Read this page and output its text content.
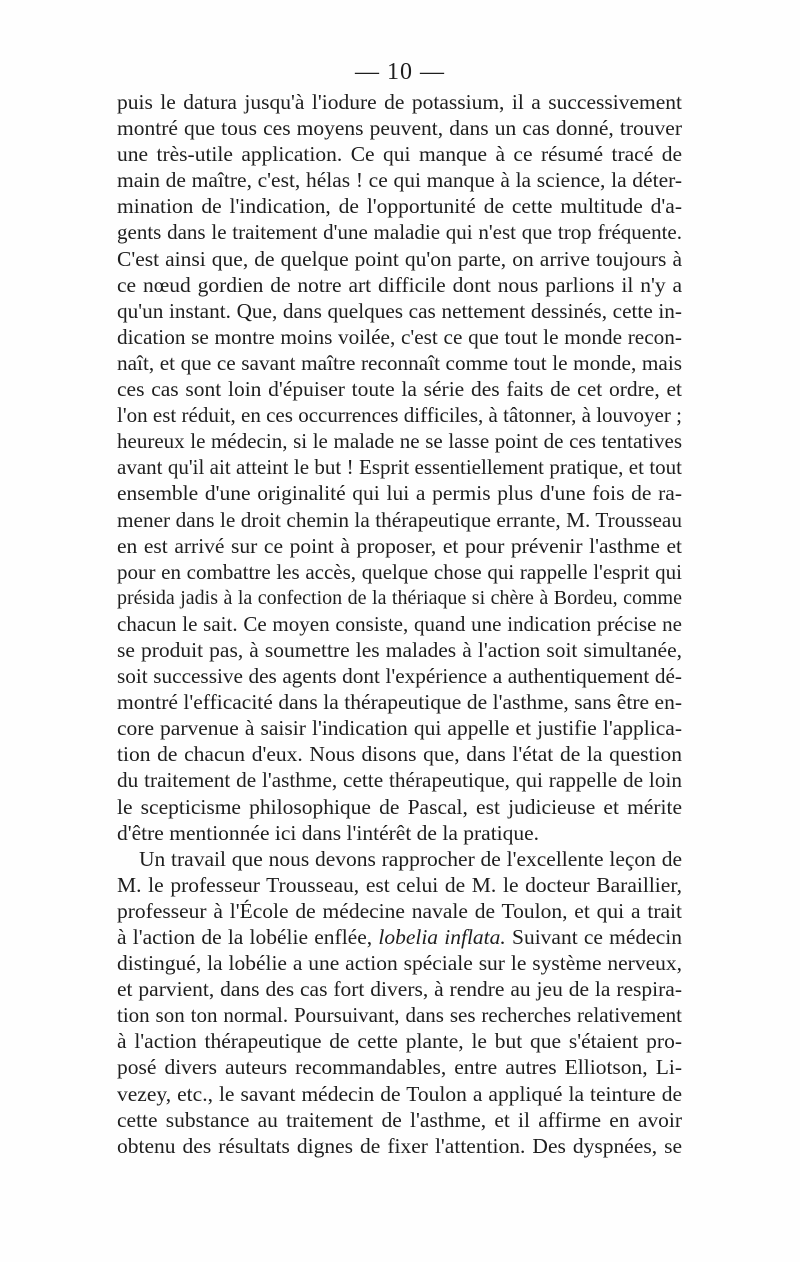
— 10 —
puis le datura jusqu'à l'iodure de potassium, il a successivement
montré que tous ces moyens peuvent, dans un cas donné, trouver
une très-utile application. Ce qui manque à ce résumé tracé de
main de maître, c'est, hélas ! ce qui manque à la science, la déter-
mination de l'indication, de l'opportunité de cette multitude d'a-
gents dans le traitement d'une maladie qui n'est que trop fréquente.
C'est ainsi que, de quelque point qu'on parte, on arrive toujours à
ce nœud gordien de notre art difficile dont nous parlions il n'y a
qu'un instant. Que, dans quelques cas nettement dessinés, cette in-
dication se montre moins voilée, c'est ce que tout le monde recon-
naît, et que ce savant maître reconnaît comme tout le monde, mais
ces cas sont loin d'épuiser toute la série des faits de cet ordre, et
l'on est réduit, en ces occurrences difficiles, à tâtonner, à louvoyer ;
heureux le médecin, si le malade ne se lasse point de ces tentatives
avant qu'il ait atteint le but ! Esprit essentiellement pratique, et tout
ensemble d'une originalité qui lui a permis plus d'une fois de ra-
mener dans le droit chemin la thérapeutique errante, M. Trousseau
en est arrivé sur ce point à proposer, et pour prévenir l'asthme et
pour en combattre les accès, quelque chose qui rappelle l'esprit qui
présida jadis à la confection de la thériaque si chère à Bordeu, comme
chacun le sait. Ce moyen consiste, quand une indication précise ne
se produit pas, à soumettre les malades à l'action soit simultanée,
soit successive des agents dont l'expérience a authentiquement dé-
montré l'efficacité dans la thérapeutique de l'asthme, sans être en-
core parvenue à saisir l'indication qui appelle et justifie l'applica-
tion de chacun d'eux. Nous disons que, dans l'état de la question
du traitement de l'asthme, cette thérapeutique, qui rappelle de loin
le scepticisme philosophique de Pascal, est judicieuse et mérite
d'être mentionnée ici dans l'intérêt de la pratique.
Un travail que nous devons rapprocher de l'excellente leçon de
M. le professeur Trousseau, est celui de M. le docteur Baraillier,
professeur à l'École de médecine navale de Toulon, et qui a trait
à l'action de la lobélie enflée, lobelia inflata. Suivant ce médecin
distingué, la lobélie a une action spéciale sur le système nerveux,
et parvient, dans des cas fort divers, à rendre au jeu de la respira-
tion son ton normal. Poursuivant, dans ses recherches relativement
à l'action thérapeutique de cette plante, le but que s'étaient pro-
posé divers auteurs recommandables, entre autres Elliotson, Li-
vezey, etc., le savant médecin de Toulon a appliqué la teinture de
cette substance au traitement de l'asthme, et il affirme en avoir
obtenu des résultats dignes de fixer l'attention. Des dyspnées, se
